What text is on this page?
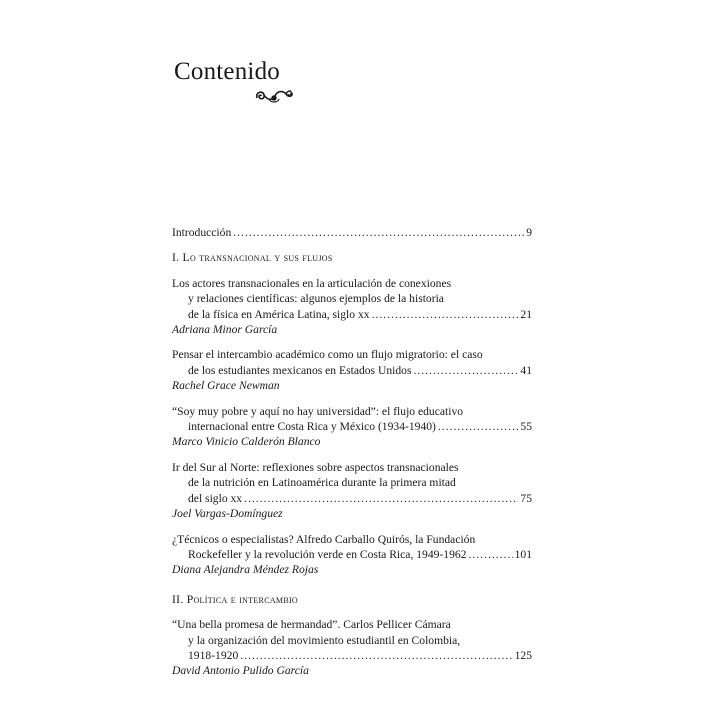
Contenido
Introducción .....	9

I. Lo transnacional y sus flujos

Los actores transnacionales en la articulación de conexiones
y relaciones científicas: algunos ejemplos de la historia
de la física en América Latina, siglo xx .....	21
Adriana Minor García
Pensar el intercambio académico como un flujo migratorio: el caso
de los estudiantes mexicanos en Estados Unidos .....	41
Rachel Grace Newman
“Soy muy pobre y aquí no hay universidad”: el flujo educativo
internacional entre Costa Rica y México (1934-1940) .....	55
Marco Vinicio Calderón Blanco
Ir del Sur al Norte: reflexiones sobre aspectos transnacionales
de la nutrición en Latinoamérica durante la primera mitad
del siglo xx .....	75
Joel Vargas-Domínguez
¿Técnicos o especialistas? Alfredo Carballo Quirós, la Fundación
Rockefeller y la revolución verde en Costa Rica, 1949-1962 .....	101
Diana Alejandra Méndez Rojas

II. Política e intercambio

“Una bella promesa de hermandad”. Carlos Pellicer Cámara
y la organización del movimiento estudiantil en Colombia,
1918-1920 .....	125
David Antonio Pulido García
